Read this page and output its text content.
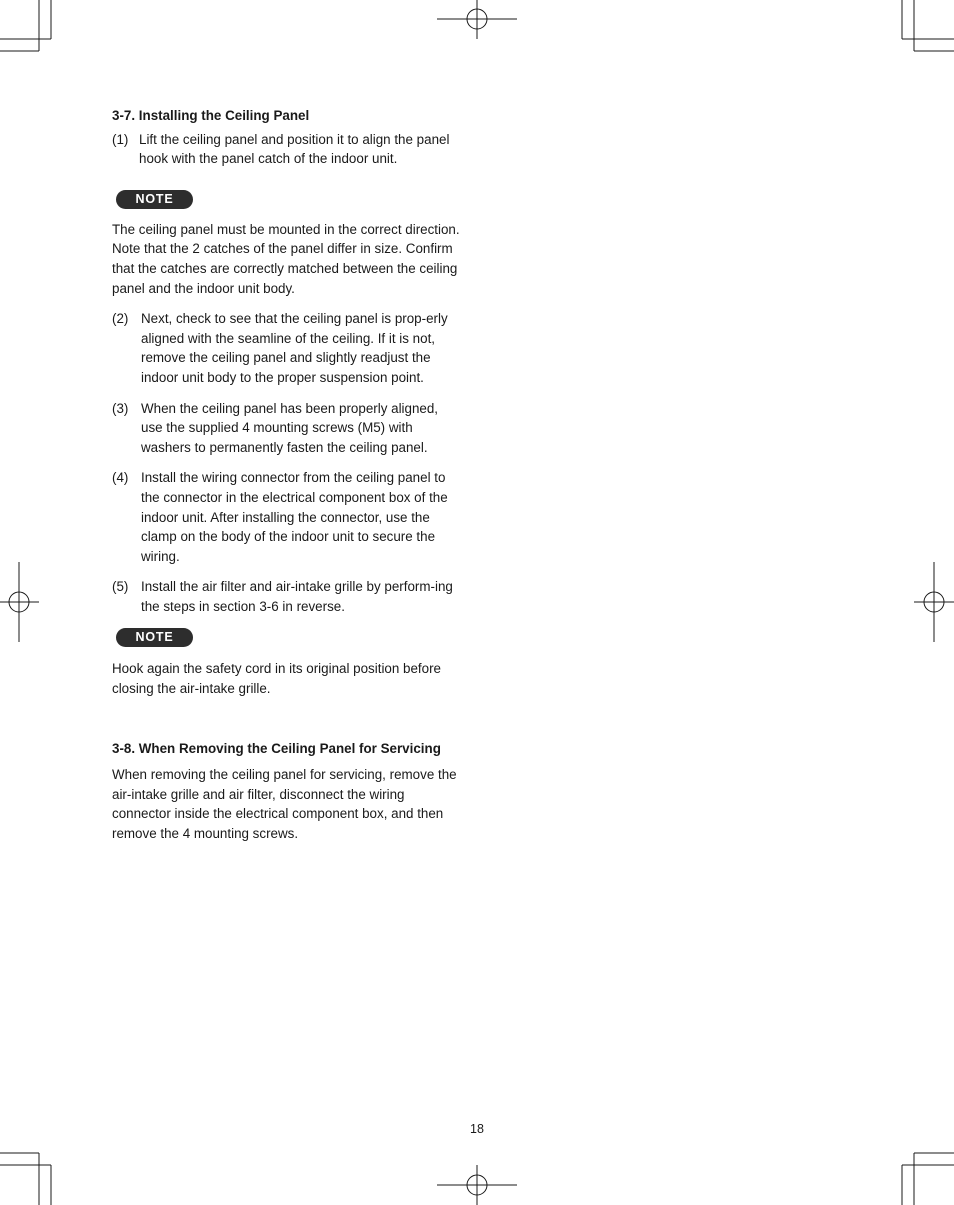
3-7. Installing the Ceiling Panel
(1) Lift the ceiling panel and position it to align the panel hook with the panel catch of the indoor unit.
NOTE

The ceiling panel must be mounted in the correct direction. Note that the 2 catches of the panel differ in size. Confirm that the catches are correctly matched between the ceiling panel and the indoor unit body.

(2) Next, check to see that the ceiling panel is prop-erly aligned with the seamline of the ceiling. If it is not, remove the ceiling panel and slightly readjust the indoor unit body to the proper suspension point.
(3) When the ceiling panel has been properly aligned, use the supplied 4 mounting screws (M5) with washers to permanently fasten the ceiling panel.
(4) Install the wiring connector from the ceiling panel to the connector in the electrical component box of the indoor unit. After installing the connector, use the clamp on the body of the indoor unit to secure the wiring.
(5) Install the air filter and air-intake grille by perform-ing the steps in section 3-6 in reverse.
NOTE

Hook again the safety cord in its original position before closing the air-intake grille.

3-8. When Removing the Ceiling Panel for Servicing

When removing the ceiling panel for servicing, remove the air-intake grille and air filter, disconnect the wiring connector inside the electrical component box, and then remove the 4 mounting screws.

18
